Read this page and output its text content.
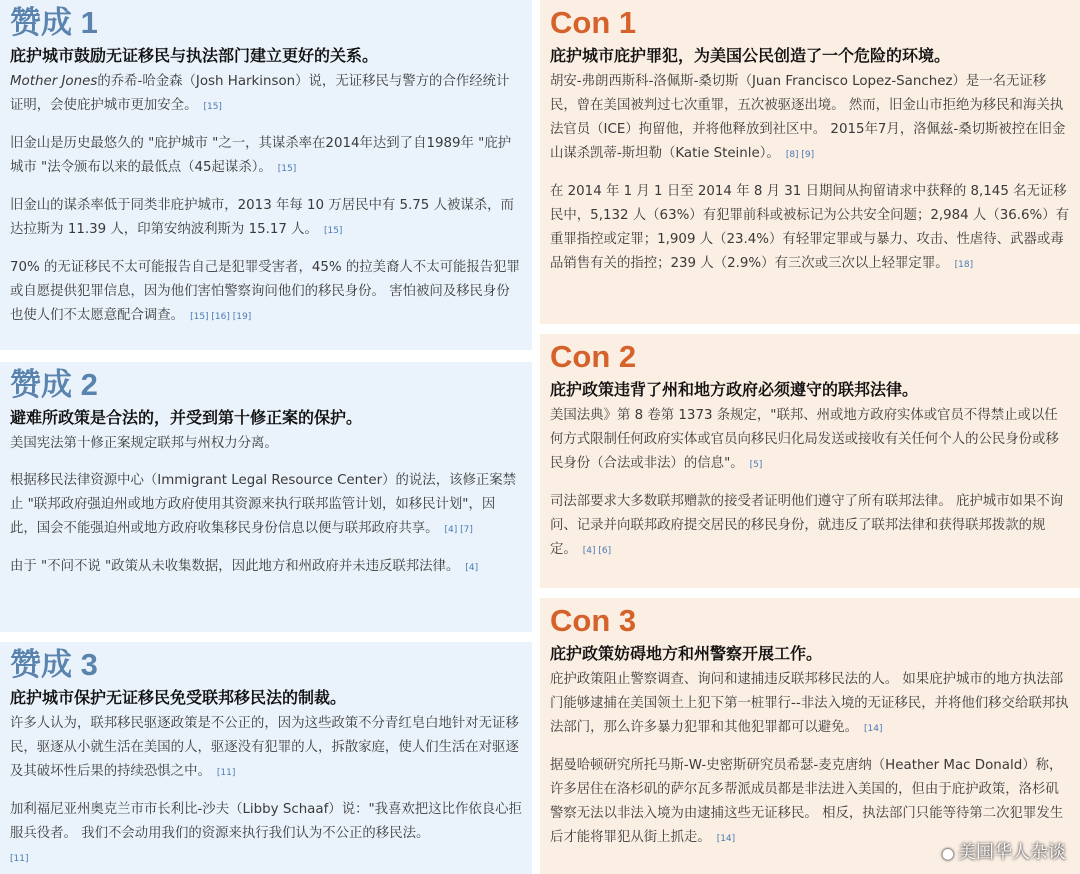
赞成 1
庇护城市鼓励无证移民与执法部门建立更好的关系。

Mother Jones的乔希-哈金森（Josh Harkinson）说，无证移民与警方的合作经统计证明，会使庇护城市更加安全。 [15]

旧金山是历史最悠久的 "庇护城市 "之一，其谋杀率在2014年达到了自1989年 "庇护城市 "法令颁布以来的最低点（45起谋杀）。 [15]

旧金山的谋杀率低于同类非庇护城市，2013 年每 10 万居民中有 5.75 人被谋杀，而达拉斯为 11.39 人，印第安纳波利斯为 15.17 人。 [15]

70% 的无证移民不太可能报告自己是犯罪受害者，45% 的拉美裔人不太可能报告犯罪或自愿提供犯罪信息，因为他们害怕警察询问他们的移民身份。 害怕被问及移民身份也使人们不太愿意配合调查。 [15] [16] [19]

赞成 2
避难所政策是合法的，并受到第十修正案的保护。

美国宪法第十修正案规定联邦与州权力分离。

根据移民法律资源中心（Immigrant Legal Resource Center）的说法，该修正案禁止 "联邦政府强迫州或地方政府使用其资源来执行联邦监管计划，如移民计划"，因此，国会不能强迫州或地方政府收集移民身份信息以便与联邦政府共享。 [4] [7]

由于 "不问不说 "政策从未收集数据，因此地方和州政府并未违反联邦法律。 [4]

赞成 3
庇护城市保护无证移民免受联邦移民法的制裁。

许多人认为，联邦移民驱逐政策是不公正的，因为这些政策不分青红皂白地针对无证移民，驱逐从小就生活在美国的人，驱逐没有犯罪的人，拆散家庭，使人们生活在对驱逐及其破坏性后果的持续恐惧之中。 [11]

加利福尼亚州奥克兰市市长利比-沙夫（Libby Schaaf）说："我喜欢把这比作依良心拒服兵役者。 我们不会动用我们的资源来执行我们认为不公正的移民法。

[11]

Con 1
庇护城市庇护罪犯，为美国公民创造了一个危险的环境。

胡安-弗朗西斯科-洛佩斯-桑切斯（Juan Francisco Lopez-Sanchez）是一名无证移民，曾在美国被判过七次重罪，五次被驱逐出境。 然而，旧金山市拒绝为移民和海关执法官员（ICE）拘留他，并将他释放到社区中。 2015年7月，洛佩兹-桑切斯被控在旧金山谋杀凯蒂-斯坦勒（Katie Steinle）。 [8] [9]

在 2014 年 1 月 1 日至 2014 年 8 月 31 日期间从拘留请求中获释的 8,145 名无证移民中，5,132 人（63%）有犯罪前科或被标记为公共安全问题；2,984 人（36.6%）有重罪指控或定罪；1,909 人（23.4%）有轻罪定罪或与暴力、攻击、性虐待、武器或毒品销售有关的指控；239 人（2.9%）有三次或三次以上轻罪定罪。 [18]

Con 2
庇护政策违背了州和地方政府必须遵守的联邦法律。

美国法典》第 8 卷第 1373 条规定，"联邦、州或地方政府实体或官员不得禁止或以任何方式限制任何政府实体或官员向移民归化局发送或接收有关任何个人的公民身份或移民身份（合法或非法）的信息"。 [5]

司法部要求大多数联邦赠款的接受者证明他们遵守了所有联邦法律。 庇护城市如果不询问、记录并向联邦政府提交居民的移民身份，就违反了联邦法律和获得联邦拨款的规定。 [4] [6]

Con 3
庇护政策妨碍地方和州警察开展工作。

庇护政策阻止警察调查、询问和逮捕违反联邦移民法的人。 如果庇护城市的地方执法部门能够逮捕在美国领土上犯下第一桩罪行--非法入境的无证移民，并将他们移交给联邦执法部门，那么许多暴力犯罪和其他犯罪都可以避免。 [14]

据曼哈顿研究所托马斯-W-史密斯研究员希瑟-麦克唐纳（Heather Mac Donald）称，许多居住在洛杉矶的萨尔瓦多帮派成员都是非法进入美国的，但由于庇护政策，洛杉矶警察无法以非法入境为由逮捕这些无证移民。 相反，执法部门只能等待第二次犯罪发生后才能将罪犯从街上抓走。 [14]

● 美国华人杂谈
